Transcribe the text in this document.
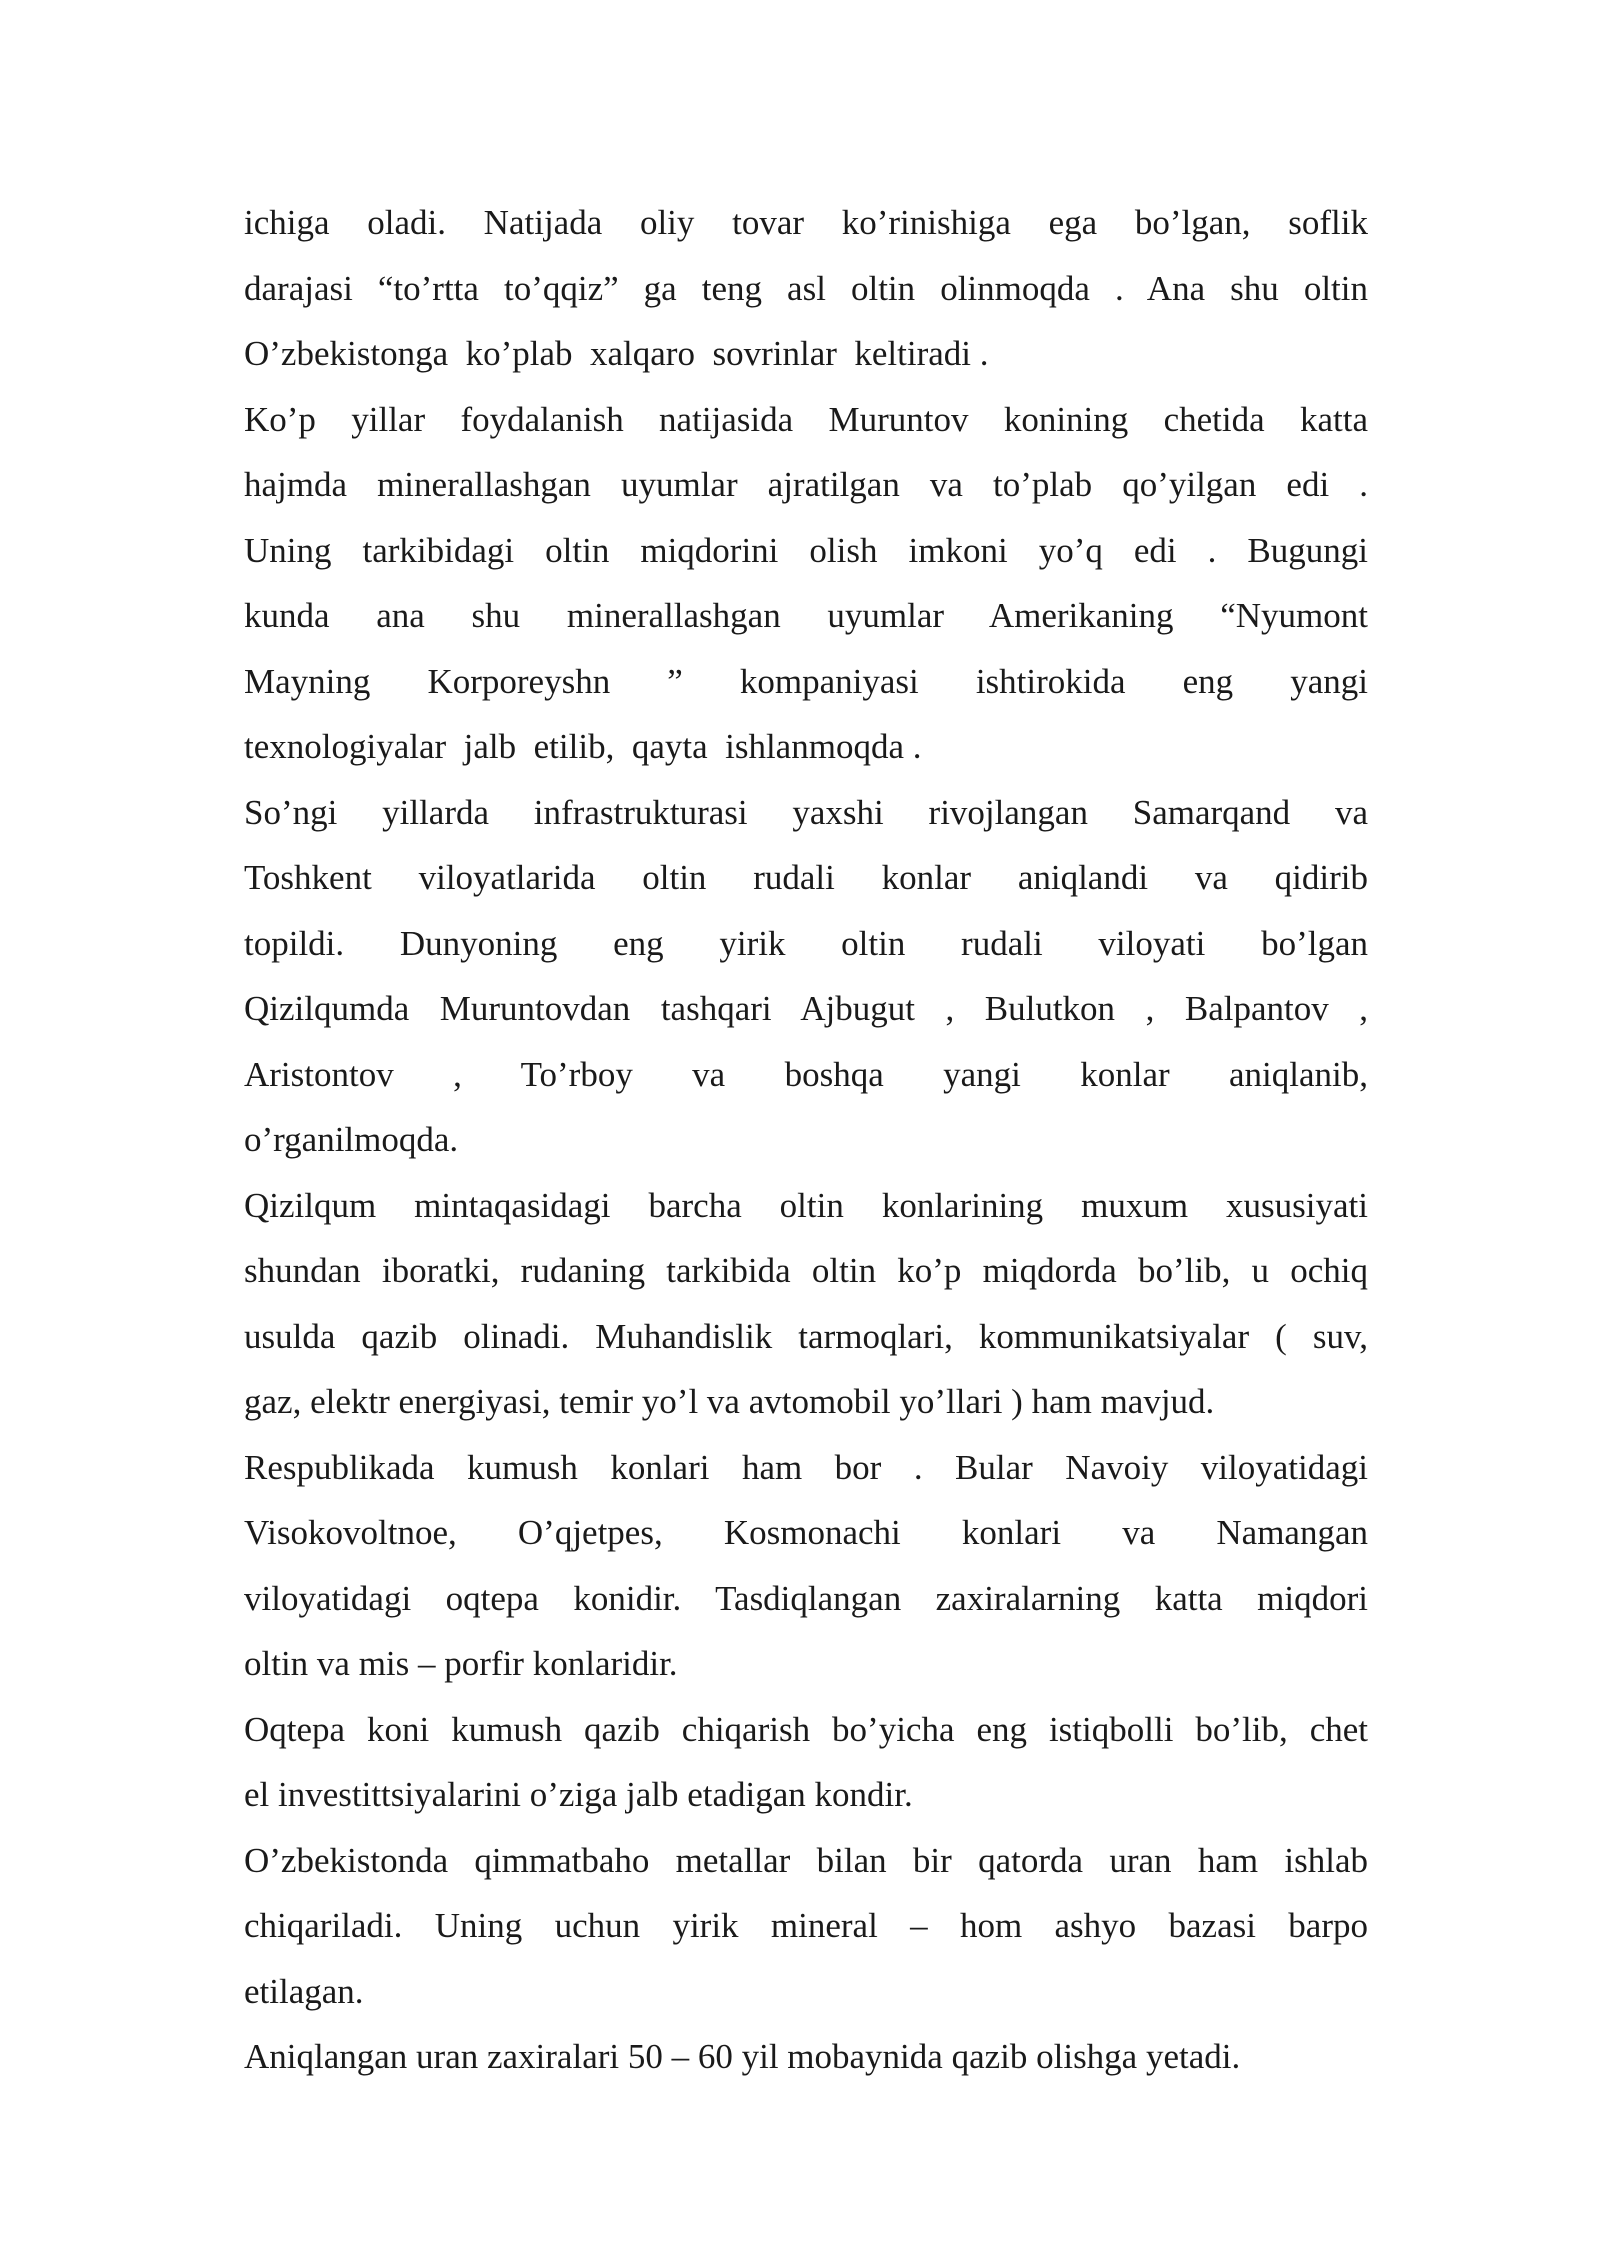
ichiga oladi. Natijada oliy tovar ko’rinishiga ega bo’lgan, soflik
darajasi “to’rtta to’qqiz” ga teng asl oltin olinmoqda . Ana shu oltin
O’zbekistonga  ko’plab  xalqaro  sovrinlar  keltiradi .
Ko’p yillar foydalanish natijasida Muruntov konining chetida katta
hajmda minerallashgan uyumlar ajratilgan va to’plab qo’yilgan edi .
Uning tarkibidagi oltin miqdorini olish imkoni yo’q edi . Bugungi
kunda ana shu minerallashgan uyumlar Amerikaning “Nyumont
Mayning Korporeyshn ” kompaniyasi ishtirokida eng yangi
texnologiyalar  jalb  etilib,  qayta  ishlanmoqda .
So’ngi yillarda infrastrukturasi yaxshi rivojlangan Samarqand va
Toshkent viloyatlarida oltin rudali konlar aniqlandi va qidirib
topildi. Dunyoning eng yirik oltin rudali viloyati bo’lgan
Qizilqumda Muruntovdan tashqari Ajbugut , Bulutkon , Balpantov ,
Aristontov , To’rboy va boshqa yangi konlar aniqlanib,
o’rganilmoqda.
Qizilqum mintaqasidagi barcha oltin konlarining muxum xususiyati
shundan iboratki, rudaning tarkibida oltin ko’p miqdorda bo’lib, u ochiq
usulda qazib olinadi. Muhandislik tarmoqlari, kommunikatsiyalar ( suv,
gaz, elektr energiyasi, temir yo’l va avtomobil yo’llari ) ham mavjud.
Respublikada kumush konlari ham bor . Bular Navoiy viloyatidagi
Visokovoltnoe, O’qjetpes, Kosmonachi konlari va Namangan
viloyatidagi oqtepa konidir. Tasdiqlangan zaxiralarning katta miqdori
oltin va mis – porfir konlaridir.
Oqtepa koni kumush qazib chiqarish bo’yicha eng istiqbolli bo’lib, chet
el investittsiyalarini o’ziga jalb etadigan kondir.
O’zbekistonda qimmatbaho metallar bilan bir qatorda uran ham ishlab
chiqariladi. Uning uchun yirik mineral – hom ashyo bazasi barpo
etilagan.
Aniqlangan uran zaxiralari 50 – 60 yil mobaynida qazib olishga yetadi.
